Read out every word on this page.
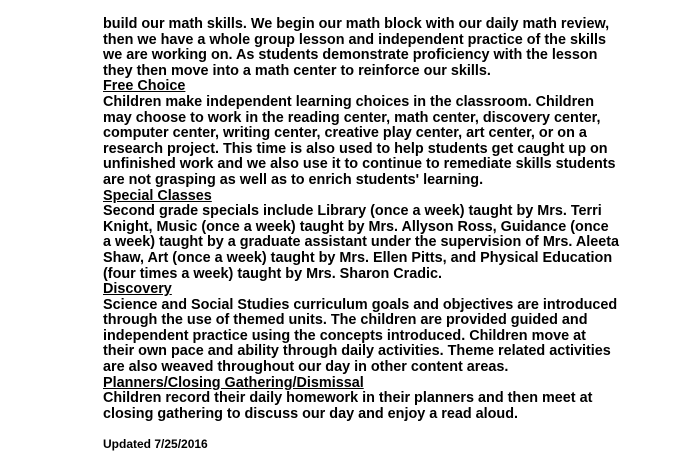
build our math skills. We begin our math block with our daily math review,

then we have a whole group lesson and independent practice of the skills

we are working on. As students demonstrate proficiency with the lesson

they then move into a math center to reinforce our skills.

Free Choice

Children make independent learning choices in the classroom. Children

may choose to work in the reading center, math center, discovery center,

computer center, writing center, creative play center, art center, or on a

research project. This time is also used to help students get caught up on

unfinished work and we also use it to continue to remediate skills students

are not grasping as well as to enrich students' learning.

Special Classes

Second grade specials include Library (once a week) taught by Mrs. Terri

Knight, Music (once a week) taught by Mrs. Allyson Ross, Guidance (once

a week) taught by a graduate assistant under the supervision of Mrs. Aleeta

Shaw, Art (once a week) taught by Mrs. Ellen Pitts, and Physical Education

(four times a week) taught by Mrs. Sharon Cradic.

Discovery

Science and Social Studies curriculum goals and objectives are introduced

through the use of themed units. The children are provided guided and

independent practice using the concepts introduced. Children move at

their own pace and ability through daily activities. Theme related activities

are also weaved throughout our day in other content areas.

Planners/Closing Gathering/Dismissal

Children record their daily homework in their planners and then meet at

closing gathering to discuss our day and enjoy a read aloud.

Updated 7/25/2016
